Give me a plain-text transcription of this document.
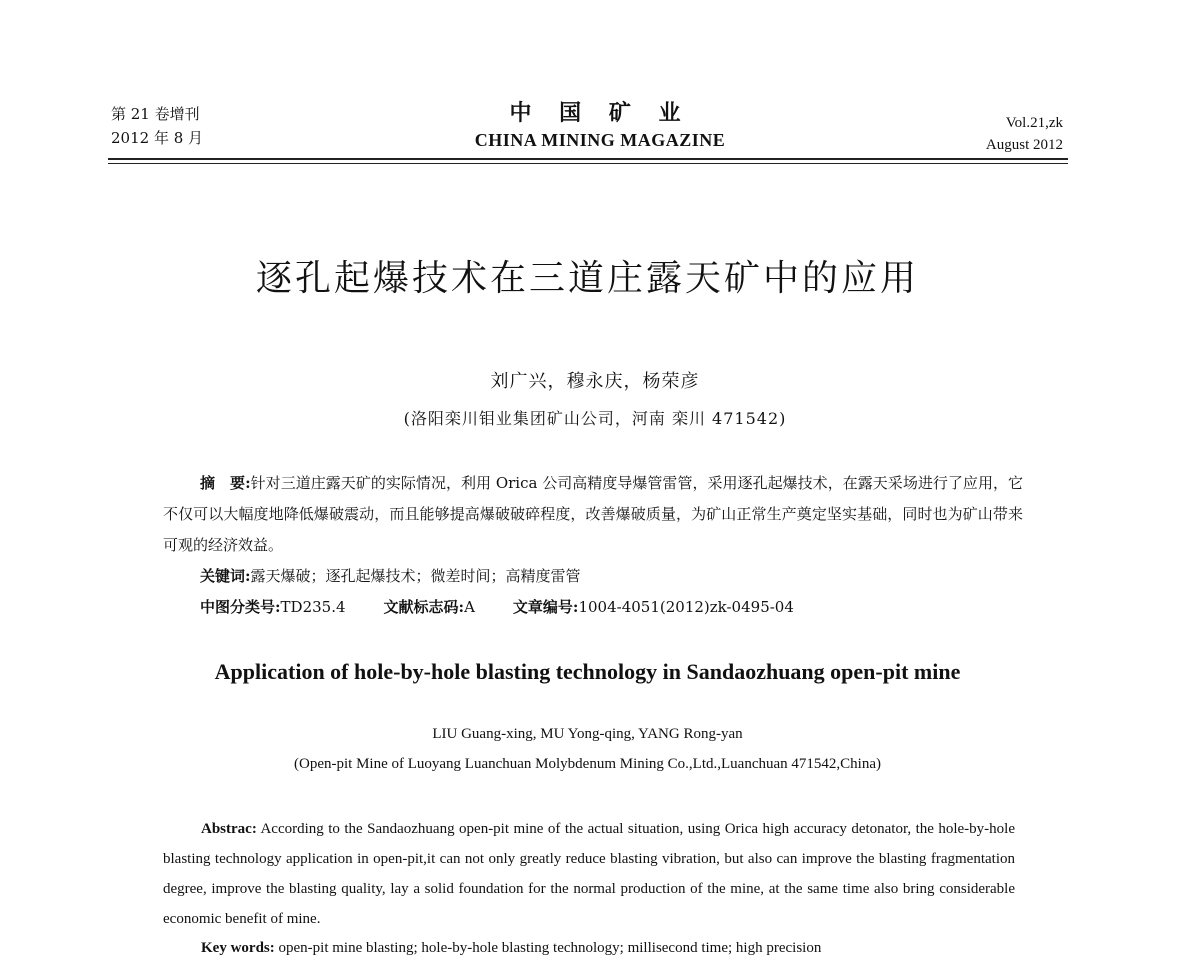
第 21 卷增刊
2012 年 8 月
中 国 矿 业
CHINA MINING MAGAZINE
Vol.21,zk
August 2012
逐孔起爆技术在三道庄露天矿中的应用
刘广兴，穆永庆，杨荣彦
(洛阳栾川钼业集团矿山公司，河南 栾川 471542)

摘　要:针对三道庄露天矿的实际情况，利用 Orica 公司高精度导爆管雷管，采用逐孔起爆技术，在露天采场进行了应用，它不仅可以大幅度地降低爆破震动，而且能够提高爆破破碎程度，改善爆破质量，为矿山正常生产奠定坚实基础，同时也为矿山带来可观的经济效益。

关键词:露天爆破；逐孔起爆技术；微差时间；高精度雷管
中图分类号:TD235.4	文献标志码:A	文章编号:1004-4051(2012)zk-0495-04
Application of hole-by-hole blasting technology in Sandaozhuang open-pit mine
LIU Guang-xing, MU Yong-qing, YANG Rong-yan
(Open-pit Mine of Luoyang Luanchuan Molybdenum Mining Co.,Ltd.,Luanchuan 471542,China)

Abstrac: According to the Sandaozhuang open-pit mine of the actual situation, using Orica high accuracy detonator, the hole-by-hole blasting technology application in open-pit,it can not only greatly reduce blasting vibration, but also can improve the blasting fragmentation degree, improve the blasting quality, lay a solid foundation for the normal production of the mine, at the same time also bring considerable economic benefit of mine.

Key words: open-pit mine blasting; hole-by-hole blasting technology; millisecond time; high precision
